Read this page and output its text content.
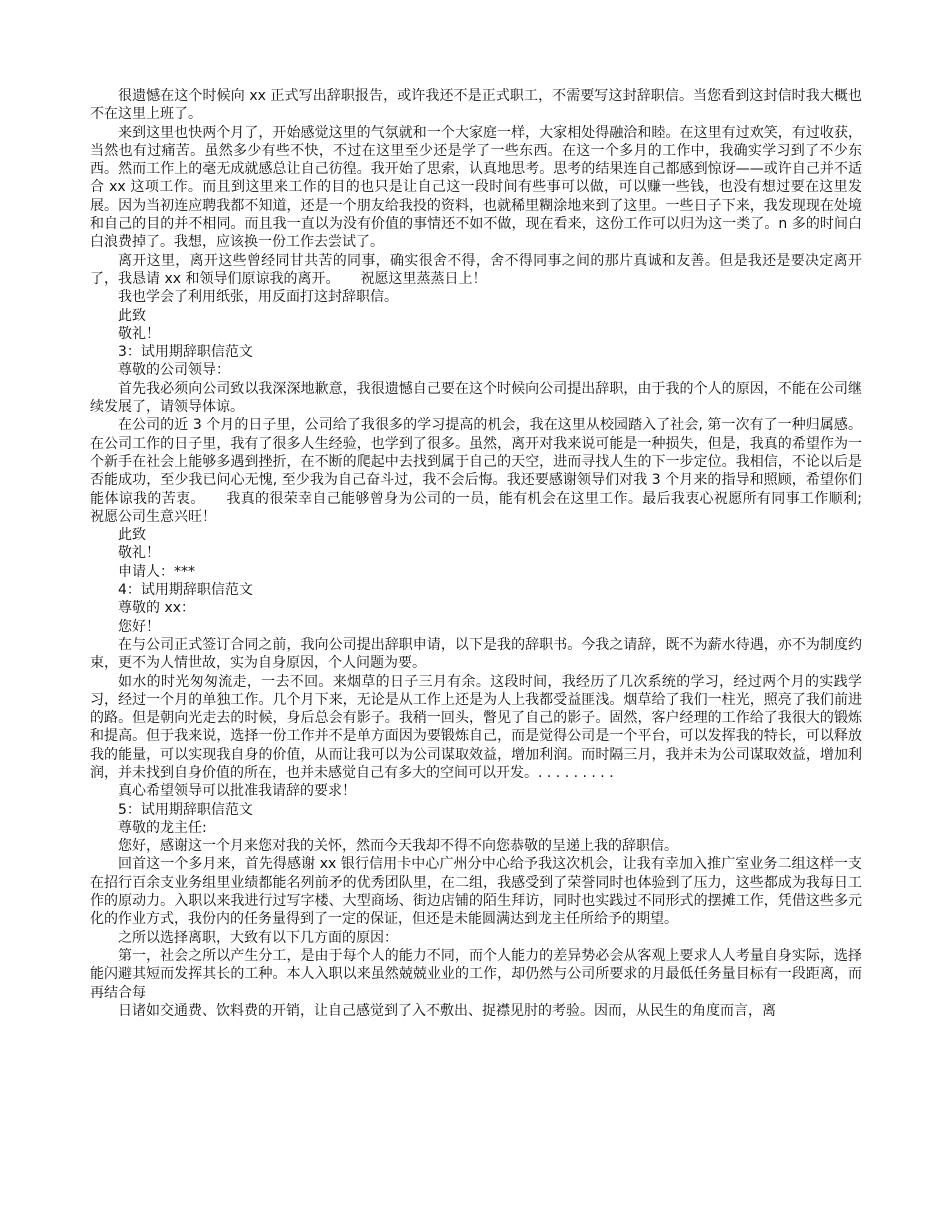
很遗憾在这个时候向 xx 正式写出辞职报告，或许我还不是正式职工，不需要写这封辞职信。当您看到这封信时我大概也不在这里上班了。

来到这里也快两个月了，开始感觉这里的气氛就和一个大家庭一样，大家相处得融洽和睦。在这里有过欢笑，有过收获，当然也有过痛苦。虽然多少有些不快，不过在这里至少还是学了一些东西。在这一个多月的工作中，我确实学习到了不少东西。然而工作上的毫无成就感总让自己彷徨。我开始了思索，认真地思考。思考的结果连自己都感到惊讶——或许自己并不适合 xx 这项工作。而且到这里来工作的目的也只是让自己这一段时间有些事可以做，可以赚一些钱，也没有想过要在这里发展。因为当初连应聘我都不知道，还是一个朋友给我投的资料，也就稀里糊涂地来到了这里。一些日子下来，我发现现在处境和自己的目的并不相同。而且我一直以为没有价值的事情还不如不做，现在看来，这份工作可以归为这一类了。n 多的时间白白浪费掉了。我想，应该换一份工作去尝试了。

离开这里，离开这些曾经同甘共苦的同事，确实很舍不得，舍不得同事之间的那片真诚和友善。但是我还是要决定离开了，我恳请 xx 和领导们原谅我的离开。　　祝愿这里蒸蒸日上！

我也学会了利用纸张，用反面打这封辞职信。

此致

敬礼！

3：试用期辞职信范文

尊敬的公司领导：

首先我必须向公司致以我深深地歉意，我很遗憾自己要在这个时候向公司提出辞职，由于我的个人的原因，不能在公司继续发展了，请领导体谅。

在公司的近 3 个月的日子里，公司给了我很多的学习提高的机会，我在这里从校园踏入了社会, 第一次有了一种归属感。在公司工作的日子里，我有了很多人生经验，也学到了很多。虽然，离开对我来说可能是一种损失，但是，我真的希望作为一个新手在社会上能够多遇到挫折，在不断的爬起中去找到属于自己的天空，进而寻找人生的下一步定位。我相信，不论以后是否能成功，至少我已问心无愧, 至少我为自己奋斗过，我不会后悔。我还要感谢领导们对我 3 个月来的指导和照顾，希望你们能体谅我的苦衷。　　我真的很荣幸自己能够曾身为公司的一员，能有机会在这里工作。最后我衷心祝愿所有同事工作顺利; 祝愿公司生意兴旺！

此致

敬礼！

申请人：***

4：试用期辞职信范文

尊敬的 xx：

您好！

在与公司正式签订合同之前，我向公司提出辞职申请，以下是我的辞职书。今我之请辞，既不为薪水待遇，亦不为制度约束，更不为人情世故，实为自身原因，个人问题为要。

如水的时光匆匆流走，一去不回。来烟草的日子三月有余。这段时间，我经历了几次系统的学习，经过两个月的实践学习，经过一个月的单独工作。几个月下来，无论是从工作上还是为人上我都受益匪浅。烟草给了我们一柱光，照亮了我们前进的路。但是朝向光走去的时候，身后总会有影子。我稍一回头，瞥见了自己的影子。固然，客户经理的工作给了我很大的锻炼和提高。但于我来说，选择一份工作并不是单方面因为要锻炼自己，而是觉得公司是一个平台，可以发挥我的特长，可以释放我的能量，可以实现我自身的价值，从而让我可以为公司谋取效益，增加利润。而时隔三月，我并未为公司谋取效益，增加利润，并未找到自身价值的所在，也并未感觉自己有多大的空间可以开发。. . . . . . . . .

真心希望领导可以批准我请辞的要求！

5：试用期辞职信范文

尊敬的龙主任:

您好，感谢这一个月来您对我的关怀，然而今天我却不得不向您恭敬的呈递上我的辞职信。

回首这一个多月来，首先得感谢 xx 银行信用卡中心广州分中心给予我这次机会，让我有幸加入推广室业务二组这样一支在招行百余支业务组里业绩都能名列前矛的优秀团队里，在二组，我感受到了荣誉同时也体验到了压力，这些都成为我每日工作的原动力。入职以来我进行过写字楼、大型商场、街边店铺的陌生拜访，同时也实践过不同形式的摆摊工作，凭借这些多元化的作业方式，我份内的任务量得到了一定的保证，但还是未能圆满达到龙主任所给予的期望。

之所以选择离职，大致有以下几方面的原因：

第一，社会之所以产生分工，是由于每个人的能力不同，而个人能力的差异势必会从客观上要求人人考量自身实际，选择能闪避其短而发挥其长的工种。本人入职以来虽然兢兢业业的工作，却仍然与公司所要求的月最低任务量目标有一段距离，而再结合每

日诸如交通费、饮料费的开销，让自己感觉到了入不敷出、捉襟见肘的考验。因而，从民生的角度而言，离
